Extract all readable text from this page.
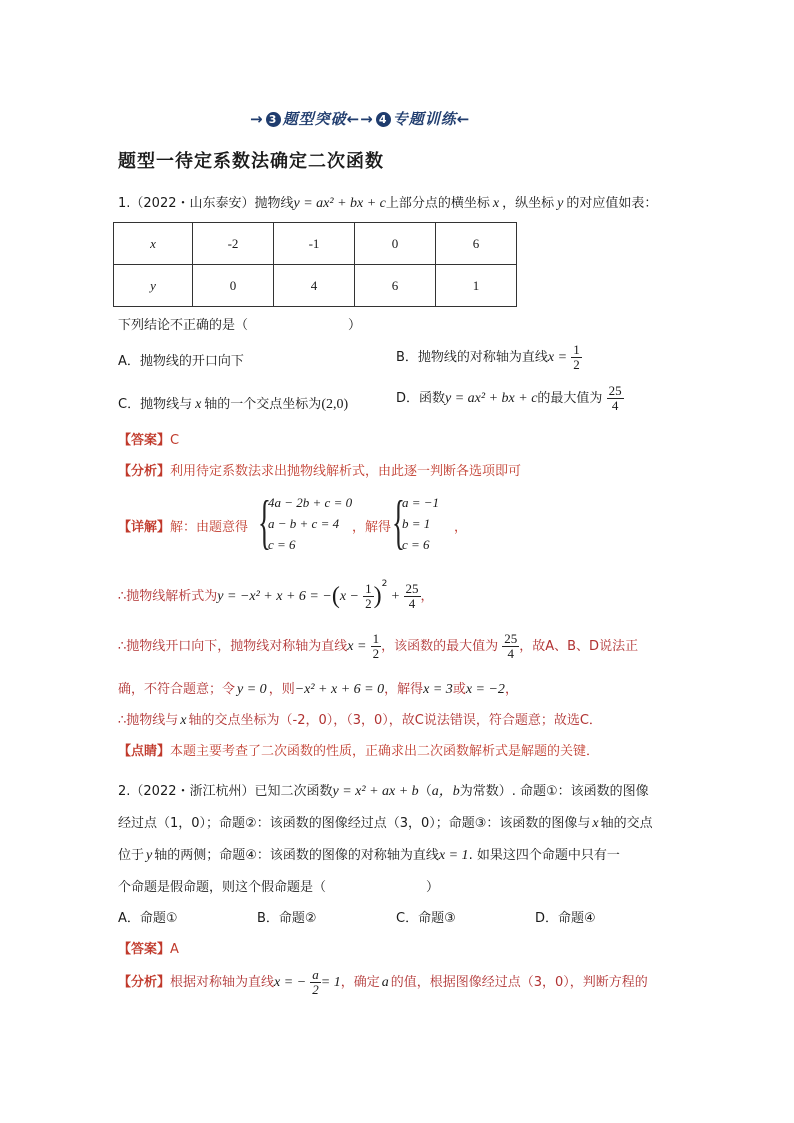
→ 3 题型突破←→ 4 专题训练←
题型一待定系数法确定二次函数
1.（2022・山东泰安）抛物线y = ax² + bx + c上部分点的横坐标 x ，纵坐标 y 的对应值如表：
x	-2	-1	0	6
y	0	4	6	1
下列结论不正确的是（	）
A．抛物线的开口向下	B．抛物线的对称轴为直线$x = \frac{1}{2}$
C．抛物线与 x 轴的一个交点坐标为(2,0)	D．函数y = ax² + bx + c的最大值为 $\frac{25}{4}$
【答案】C
【分析】利用待定系数法求出抛物线解析式，由此逐一判断各选项即可
【详解】解：由题意得 {
4a − 2b + c = 0
a − b + c = 4
c = 6
，解得 {
a = −1
b = 1
c = 6
，
∴抛物线解析式为$y = -x^2 + x + 6 = -(x - \frac{1}{2} )^2 + \frac{25}{4}$ ，
∴抛物线开口向下，抛物线对称轴为直线$x = \frac{1}{2}$ ，该函数的最大值为 $\frac{25}{4}$ ，故A、B、D说法正
确，不符合题意；令 y = 0 ，则−x² + x + 6 = 0，解得x = 3或x = −2，
∴抛物线与 x 轴的交点坐标为（-2，0），（3，0），故C说法错误，符合题意；故选C．
【点睛】本题主要考查了二次函数的性质，正确求出二次函数解析式是解题的关键．
2.（2022・浙江杭州）已知二次函数y = x² + ax + b（a，b为常数）. 命题①：该函数的图像
经过点（1，0）；命题②：该函数的图像经过点（3，0）；命题③：该函数的图像与 x 轴的交点
位于 y 轴的两侧；命题④：该函数的图像的对称轴为直线x = 1. 如果这四个命题中只有一
个命题是假命题，则这个假命题是（	）
A．命题①	B．命题②	C．命题③	D．命题④
【答案】A
【分析】根据对称轴为直线x = − $\frac{a}{2} = 1$，确定 a 的值，根据图像经过点（3，0），判断方程的
